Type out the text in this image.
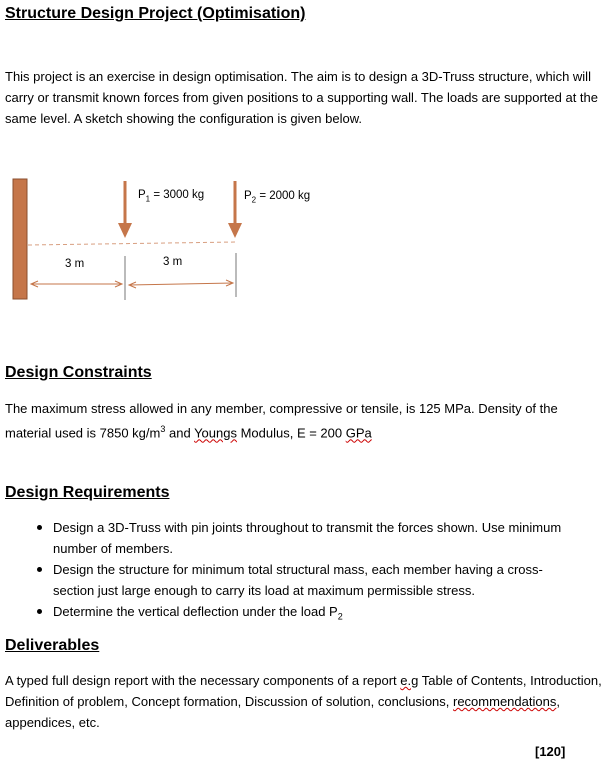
Structure Design Project (Optimisation)
This project is an exercise in design optimisation. The aim is to design a 3D-Truss structure, which will carry or transmit known forces from given positions to a supporting wall. The loads are supported at the same level. A sketch showing the configuration is given below.
$P_1 = 3000$ kg	$P_2 = 2000$ kg
3 m	3 m
Design Constraints
The maximum stress allowed in any member, compressive or tensile, is 125 MPa. Density of the material used is 7850 $kg/m^3$ and Youngs Modulus, E = 200 GPa
Design Requirements
Design a 3D-Truss with pin joints throughout to transmit the forces shown. Use minimum number of members.
Design the structure for minimum total structural mass, each member having a cross-section just large enough to carry its load at maximum permissible stress.
Determine the vertical deflection under the load $P_2$
Deliverables
A typed full design report with the necessary components of a report e.g Table of Contents, Introduction, Definition of problem, Concept formation, Discussion of solution, conclusions, recommendations, appendices, etc.
[120]
